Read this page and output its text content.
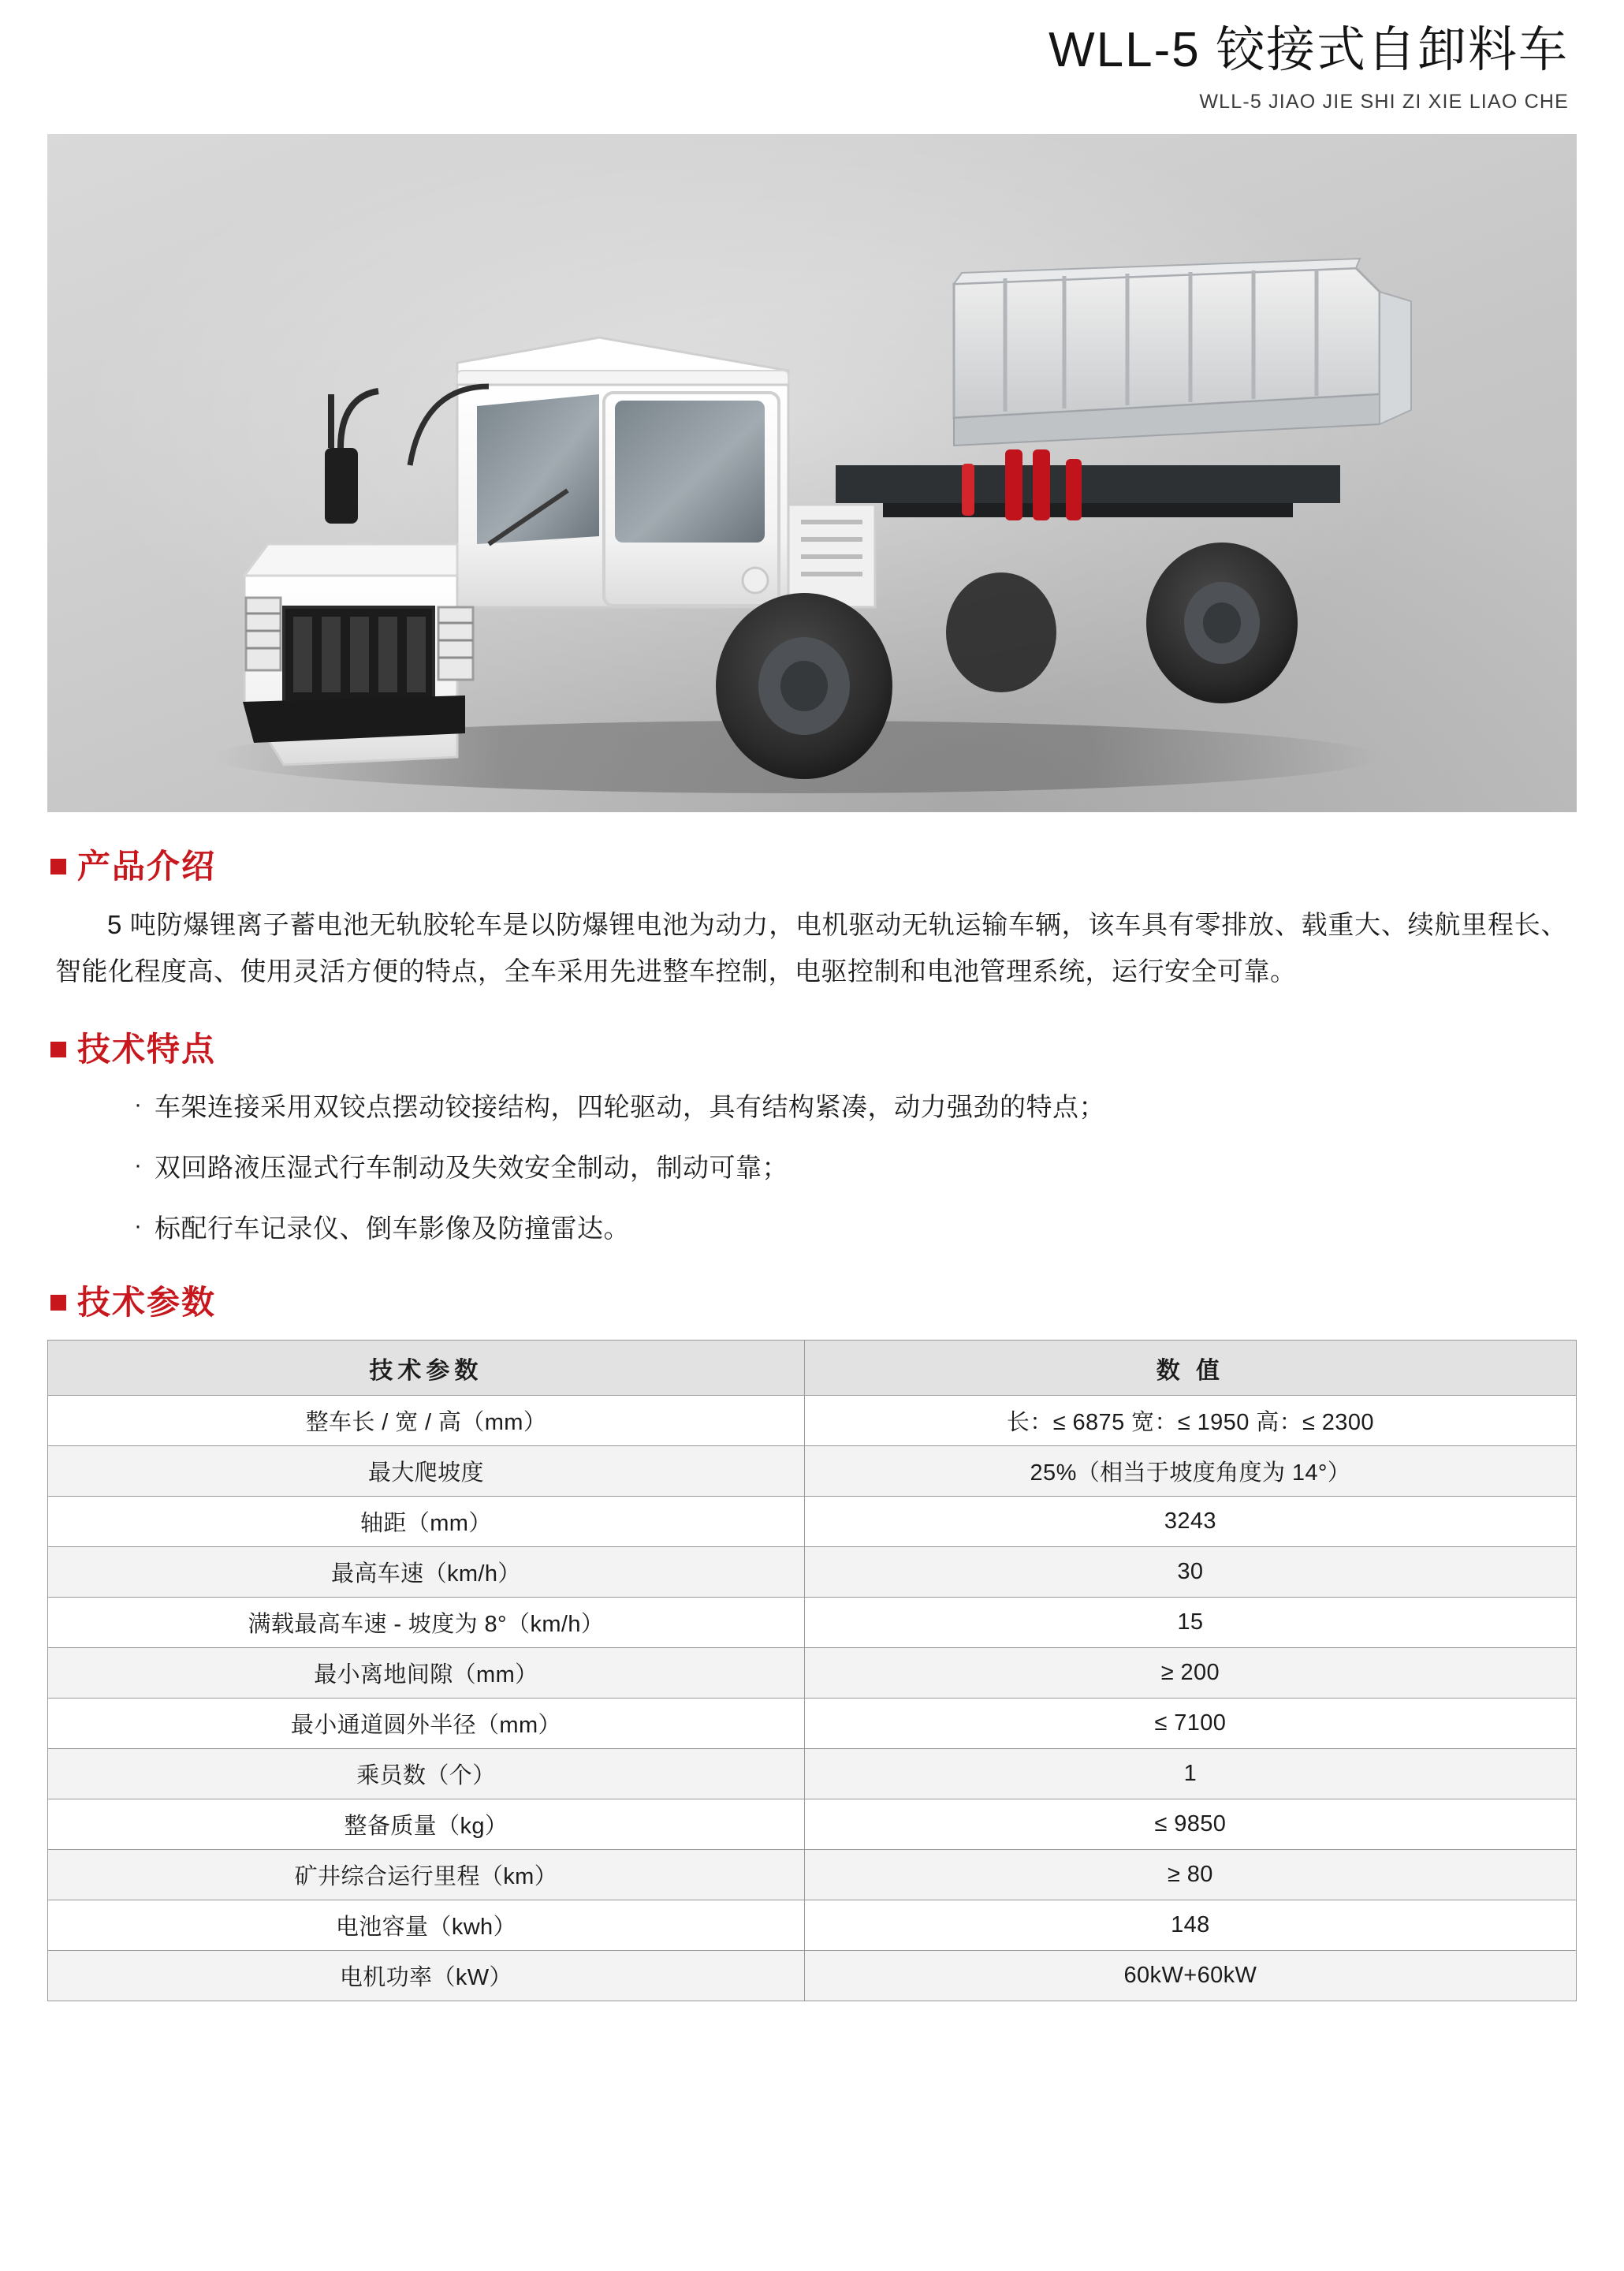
WLL-5 铰接式自卸料车
WLL-5 JIAO JIE SHI ZI XIE LIAO CHE
产品介绍

5 吨防爆锂离子蓄电池无轨胶轮车是以防爆锂电池为动力，电机驱动无轨运输车辆，该车具有零排放、载重大、续航里程长、智能化程度高、使用灵活方便的特点，全车采用先进整车控制，电驱控制和电池管理系统，运行安全可靠。

技术特点
· 车架连接采用双铰点摆动铰接结构，四轮驱动，具有结构紧凑，动力强劲的特点；
· 双回路液压湿式行车制动及失效安全制动，制动可靠；
· 标配行车记录仪、倒车影像及防撞雷达。
技术参数
技术参数	数 值
整车长 / 宽 / 高（mm）	长：≤ 6875 宽：≤ 1950 高：≤ 2300
最大爬坡度	25%（相当于坡度角度为 14°）
轴距（mm）	3243
最高车速（km/h）	30
满载最高车速 - 坡度为 8°（km/h）	15
最小离地间隙（mm）	≥ 200
最小通道圆外半径（mm）	≤ 7100
乘员数（个）	1
整备质量（kg）	≤ 9850
矿井综合运行里程（km）	≥ 80
电池容量（kwh）	148
电机功率（kW）	60kW+60kW
